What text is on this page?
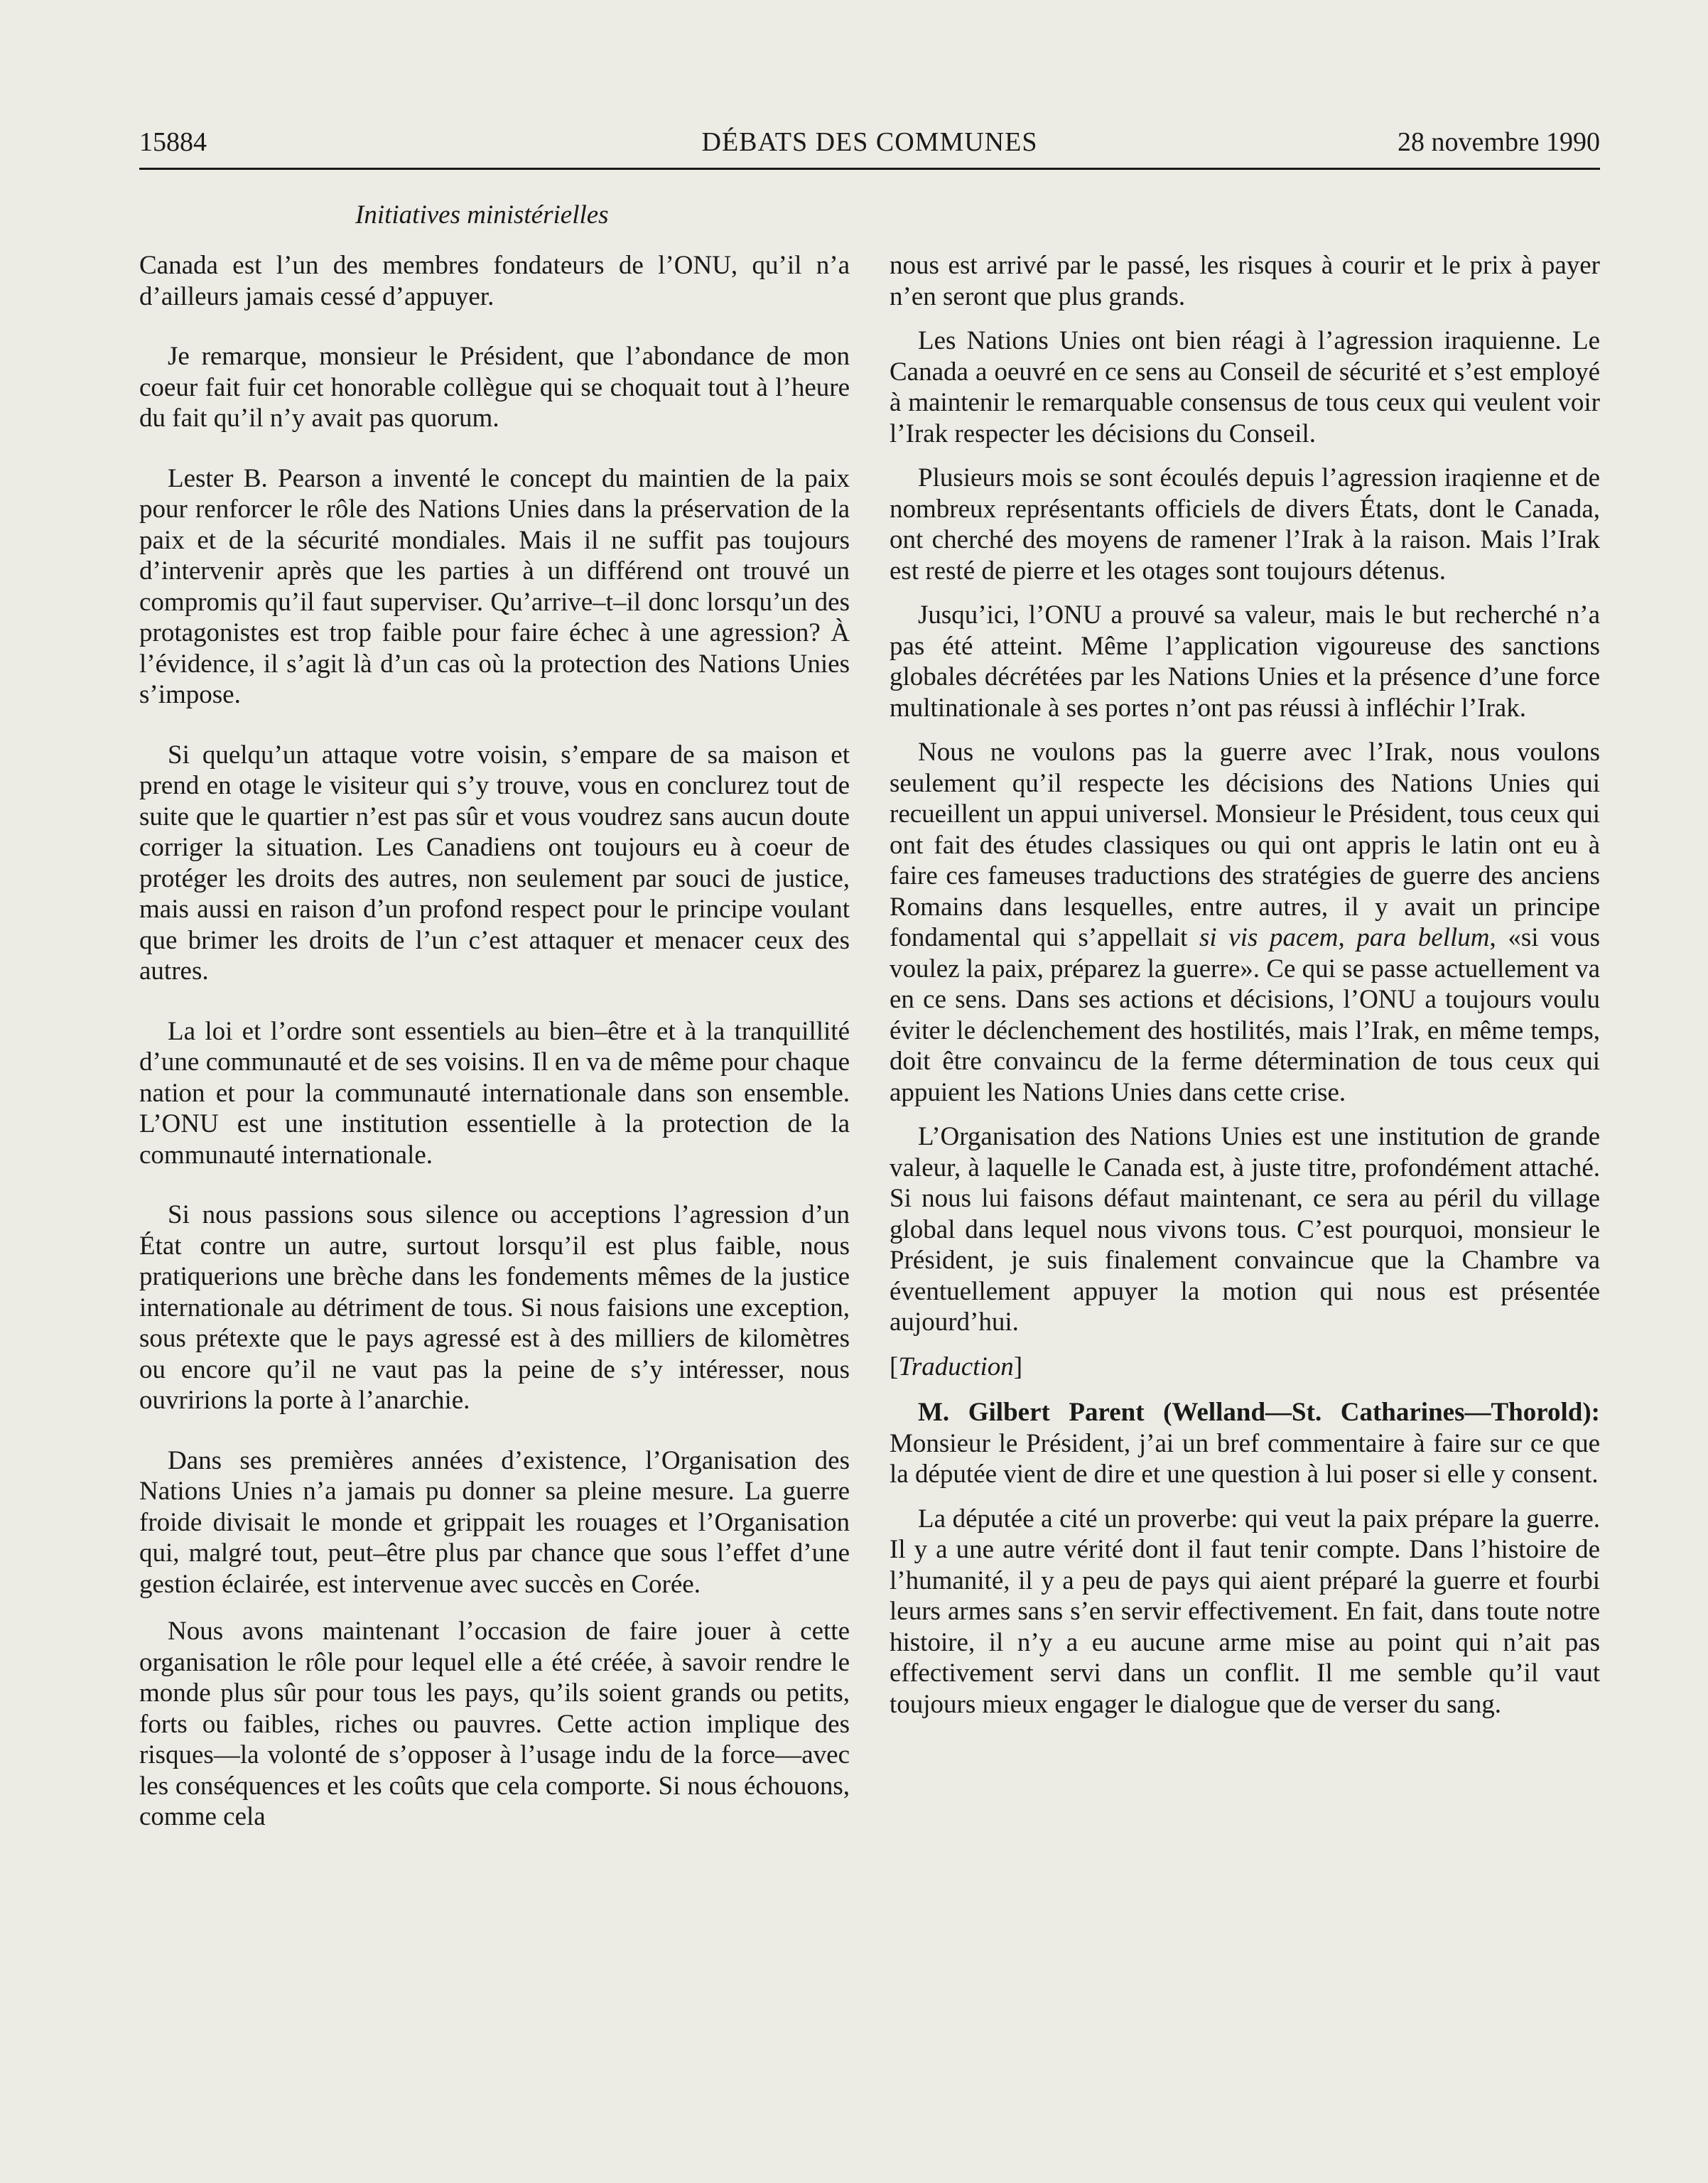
15884	DÉBATS DES COMMUNES	28 novembre 1990
Initiatives ministérielles

Canada est l’un des membres fondateurs de l’ONU, qu’il n’a d’ailleurs jamais cessé d’appuyer.

Je remarque, monsieur le Président, que l’abondance de mon coeur fait fuir cet honorable collègue qui se choquait tout à l’heure du fait qu’il n’y avait pas quorum.

Lester B. Pearson a inventé le concept du maintien de la paix pour renforcer le rôle des Nations Unies dans la préservation de la paix et de la sécurité mondiales. Mais il ne suffit pas toujours d’intervenir après que les parties à un différend ont trouvé un compromis qu’il faut superviser. Qu’arrive–t–il donc lorsqu’un des protagonistes est trop faible pour faire échec à une agression? À l’évidence, il s’agit là d’un cas où la protection des Nations Unies s’impose.

Si quelqu’un attaque votre voisin, s’empare de sa maison et prend en otage le visiteur qui s’y trouve, vous en conclurez tout de suite que le quartier n’est pas sûr et vous voudrez sans aucun doute corriger la situation. Les Canadiens ont toujours eu à coeur de protéger les droits des autres, non seulement par souci de justice, mais aussi en raison d’un profond respect pour le principe voulant que brimer les droits de l’un c’est attaquer et menacer ceux des autres.

La loi et l’ordre sont essentiels au bien–être et à la tranquillité d’une communauté et de ses voisins. Il en va de même pour chaque nation et pour la communauté internationale dans son ensemble. L’ONU est une institution essentielle à la protection de la communauté internationale.

Si nous passions sous silence ou acceptions l’agression d’un État contre un autre, surtout lorsqu’il est plus faible, nous pratiquerions une brèche dans les fondements mêmes de la justice internationale au détriment de tous. Si nous faisions une exception, sous prétexte que le pays agressé est à des milliers de kilomètres ou encore qu’il ne vaut pas la peine de s’y intéresser, nous ouvririons la porte à l’anarchie.

Dans ses premières années d’existence, l’Organisation des Nations Unies n’a jamais pu donner sa pleine mesure. La guerre froide divisait le monde et grippait les rouages et l’Organisation qui, malgré tout, peut–être plus par chance que sous l’effet d’une gestion éclairée, est intervenue avec succès en Corée.

Nous avons maintenant l’occasion de faire jouer à cette organisation le rôle pour lequel elle a été créée, à savoir rendre le monde plus sûr pour tous les pays, qu’ils soient grands ou petits, forts ou faibles, riches ou pauvres. Cette action implique des risques—la volonté de s’opposer à l’usage indu de la force—avec les conséquences et les coûts que cela comporte. Si nous échouons, comme cela

nous est arrivé par le passé, les risques à courir et le prix à payer n’en seront que plus grands.

Les Nations Unies ont bien réagi à l’agression iraquienne. Le Canada a oeuvré en ce sens au Conseil de sécurité et s’est employé à maintenir le remarquable consensus de tous ceux qui veulent voir l’Irak respecter les décisions du Conseil.

Plusieurs mois se sont écoulés depuis l’agression iraqienne et de nombreux représentants officiels de divers États, dont le Canada, ont cherché des moyens de ramener l’Irak à la raison. Mais l’Irak est resté de pierre et les otages sont toujours détenus.

Jusqu’ici, l’ONU a prouvé sa valeur, mais le but recherché n’a pas été atteint. Même l’application vigoureuse des sanctions globales décrétées par les Nations Unies et la présence d’une force multinationale à ses portes n’ont pas réussi à infléchir l’Irak.

Nous ne voulons pas la guerre avec l’Irak, nous voulons seulement qu’il respecte les décisions des Nations Unies qui recueillent un appui universel. Monsieur le Président, tous ceux qui ont fait des études classiques ou qui ont appris le latin ont eu à faire ces fameuses traductions des stratégies de guerre des anciens Romains dans lesquelles, entre autres, il y avait un principe fondamental qui s’appellait si vis pacem, para bellum, «si vous voulez la paix, préparez la guerre». Ce qui se passe actuellement va en ce sens. Dans ses actions et décisions, l’ONU a toujours voulu éviter le déclenchement des hostilités, mais l’Irak, en même temps, doit être convaincu de la ferme détermination de tous ceux qui appuient les Nations Unies dans cette crise.

L’Organisation des Nations Unies est une institution de grande valeur, à laquelle le Canada est, à juste titre, profondément attaché. Si nous lui faisons défaut maintenant, ce sera au péril du village global dans lequel nous vivons tous. C’est pourquoi, monsieur le Président, je suis finalement convaincue que la Chambre va éventuellement appuyer la motion qui nous est présentée aujourd’hui.

[Traduction]

M. Gilbert Parent (Welland—St. Catharines—Thorold): Monsieur le Président, j’ai un bref commentaire à faire sur ce que la députée vient de dire et une question à lui poser si elle y consent.

La députée a cité un proverbe: qui veut la paix prépare la guerre. Il y a une autre vérité dont il faut tenir compte. Dans l’histoire de l’humanité, il y a peu de pays qui aient préparé la guerre et fourbi leurs armes sans s’en servir effectivement. En fait, dans toute notre histoire, il n’y a eu aucune arme mise au point qui n’ait pas effectivement servi dans un conflit. Il me semble qu’il vaut toujours mieux engager le dialogue que de verser du sang.
